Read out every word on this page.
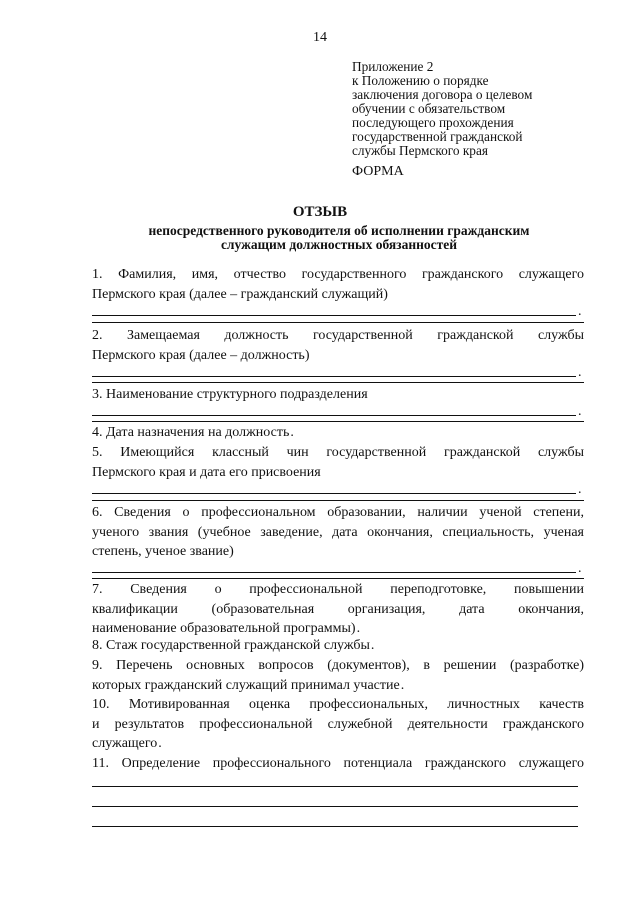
14
Приложение 2
к Положению о порядке
заключения договора о целевом
обучении с обязательством
последующего прохождения
государственной гражданской
службы Пермского края
ФОРМА
ОТЗЫВ
непосредственного руководителя об исполнении гражданским
служащим должностных обязанностей
1. Фамилия, имя, отчество государственного гражданского служащего
Пермского края (далее – гражданский служащий)
.
2. Замещаемая должность государственной гражданской службы
Пермского края (далее – должность)
.
3. Наименование структурного подразделения
.
4. Дата назначения на должность.
5. Имеющийся классный чин государственной гражданской службы
Пермского края и дата его присвоения
.
6. Сведения о профессиональном образовании, наличии ученой степени,
ученого звания (учебное заведение, дата окончания, специальность, ученая
степень, ученое звание)
.
7. Сведения о профессиональной переподготовке, повышении
квалификации (образовательная организация, дата окончания,
наименование образовательной программы).
8. Стаж государственной гражданской службы.
9. Перечень основных вопросов (документов), в решении (разработке)
которых гражданский служащий принимал участие.
10. Мотивированная оценка профессиональных, личностных качеств
и результатов профессиональной служебной деятельности гражданского
служащего.
11. Определение профессионального потенциала гражданского служащего
